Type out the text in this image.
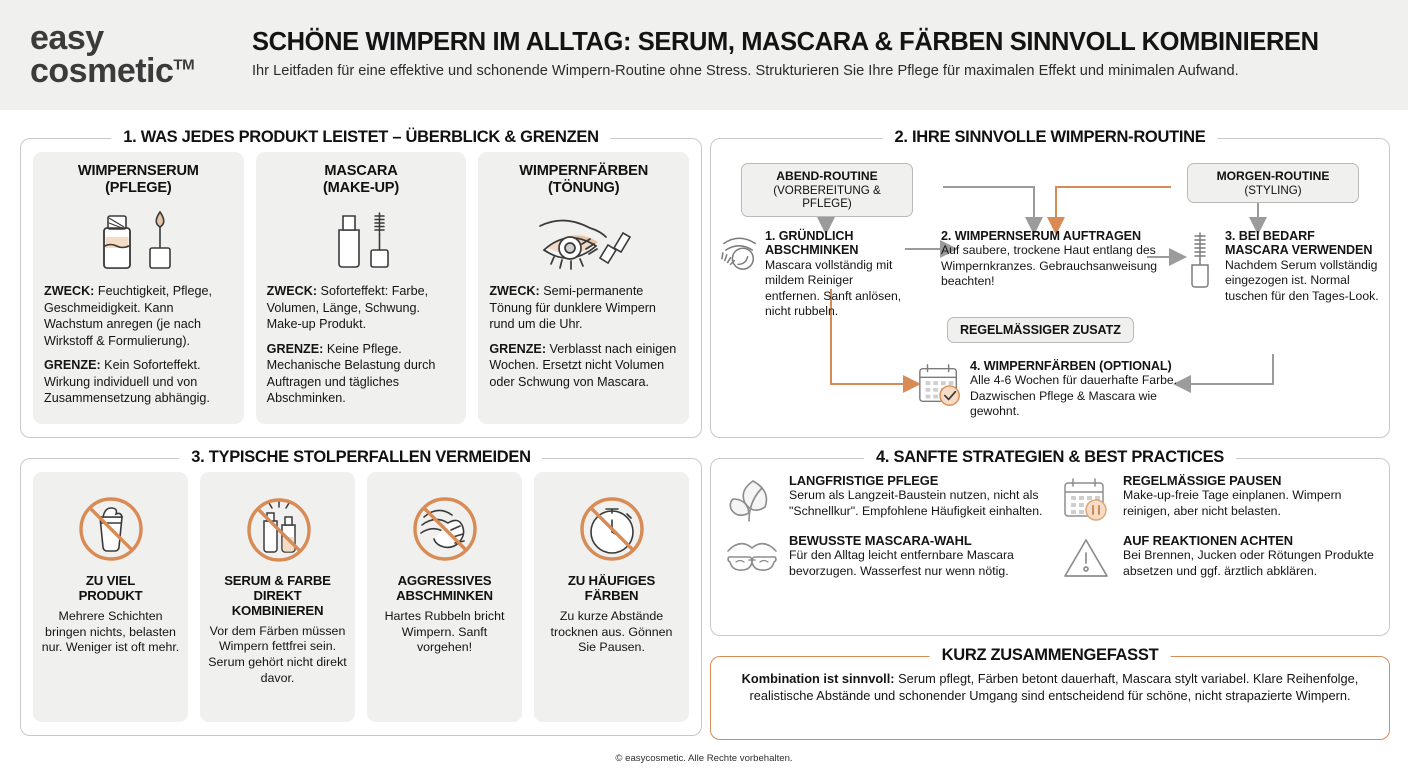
easy
cosmetic™
SCHÖNE WIMPERN IM ALLTAG: SERUM, MASCARA & FÄRBEN SINNVOLL KOMBINIEREN
Ihr Leitfaden für eine effektive und schonende Wimpern-Routine ohne Stress. Strukturieren Sie Ihre Pflege für maximalen Effekt und minimalen Aufwand.
1. WAS JEDES PRODUKT LEISTET – ÜBERBLICK & GRENZEN
WIMPERNSERUM
(PFLEGE)

ZWECK: Feuchtigkeit, Pflege, Geschmeidigkeit. Kann Wachstum anregen (je nach Wirkstoff & Formulierung).

GRENZE: Kein Soforteffekt. Wirkung individuell und von Zusammensetzung abhängig.

MASCARA
(MAKE-UP)

ZWECK: Soforteffekt: Farbe, Volumen, Länge, Schwung. Make-up Produkt.

GRENZE: Keine Pflege. Mechanische Belastung durch Auftragen und tägliches Abschminken.

WIMPERNFÄRBEN
(TÖNUNG)

ZWECK: Semi-permanente Tönung für dunklere Wimpern rund um die Uhr.

GRENZE: Verblasst nach einigen Wochen. Ersetzt nicht Volumen oder Schwung von Mascara.

2. IHRE SINNVOLLE WIMPERN-ROUTINE
ABEND-ROUTINE
(VORBEREITUNG & PFLEGE)
MORGEN-ROUTINE
(STYLING)
1. GRÜNDLICH ABSCHMINKEN
Mascara vollständig mit mildem Reiniger entfernen. Sanft anlösen, nicht rubbeln.
2. WIMPERNSERUM AUFTRAGEN
Auf saubere, trockene Haut entlang des Wimpernkranzes. Gebrauchsanweisung beachten!
3. BEI BEDARF MASCARA VERWENDEN
Nachdem Serum vollständig eingezogen ist. Normal tuschen für den Tages-Look.
REGELMÄSSIGER ZUSATZ
4. WIMPERNFÄRBEN (OPTIONAL)
Alle 4-6 Wochen für dauerhafte Farbe. Dazwischen Pflege & Mascara wie gewohnt.
3. TYPISCHE STOLPERFALLEN VERMEIDEN
ZU VIEL
PRODUKT
Mehrere Schichten bringen nichts, belasten nur. Weniger ist oft mehr.
SERUM & FARBE
DIREKT KOMBINIEREN
Vor dem Färben müssen Wimpern fettfrei sein. Serum gehört nicht direkt davor.
AGGRESSIVES
ABSCHMINKEN
Hartes Rubbeln bricht Wimpern. Sanft vorgehen!
ZU HÄUFIGES
FÄRBEN
Zu kurze Abstände trocknen aus. Gönnen Sie Pausen.
4. SANFTE STRATEGIEN & BEST PRACTICES
LANGFRISTIGE PFLEGE
Serum als Langzeit-Baustein nutzen, nicht als "Schnellkur". Empfohlene Häufigkeit einhalten.
REGELMÄSSIGE PAUSEN
Make-up-freie Tage einplanen. Wimpern reinigen, aber nicht belasten.
BEWUSSTE MASCARA-WAHL
Für den Alltag leicht entfernbare Mascara bevorzugen. Wasserfest nur wenn nötig.
AUF REAKTIONEN ACHTEN
Bei Brennen, Jucken oder Rötungen Produkte absetzen und ggf. ärztlich abklären.
KURZ ZUSAMMENGEFASST
Kombination ist sinnvoll: Serum pflegt, Färben betont dauerhaft, Mascara stylt variabel. Klare Reihenfolge, realistische Abstände und schonender Umgang sind entscheidend für schöne, nicht strapazierte Wimpern.
© easycosmetic. Alle Rechte vorbehalten.
